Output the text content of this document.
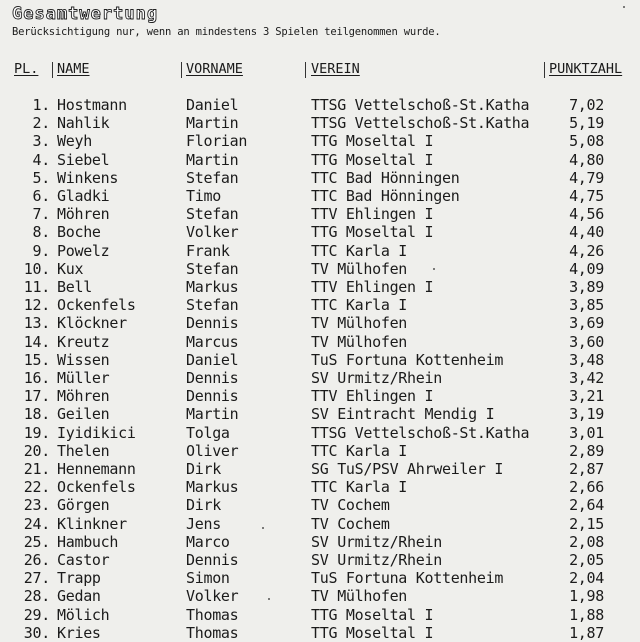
Gesamtwertung
Berücksichtigung nur, wenn an mindestens 3 Spielen teilgenommen wurde.
PL. NAME	VORNAME	VEREIN	PUNKTZAHL
1. Hostmann	Daniel	TTSG Vettelschoß-St.Katha	7,02
2. Nahlik	Martin	TTSG Vettelschoß-St.Katha	5,19
3. Weyh	Florian	TTG Moseltal I	5,08
4. Siebel	Martin	TTG Moseltal I	4,80
5. Winkens	Stefan	TTC Bad Hönningen	4,79
6. Gladki	Timo	TTC Bad Hönningen	4,75
7. Möhren	Stefan	TTV Ehlingen I	4,56
8. Boche	Volker	TTG Moseltal I	4,40
9. Powelz	Frank	TTC Karla I	4,26
10. Kux	Stefan	TV Mülhofen	4,09
11. Bell	Markus	TTV Ehlingen I	3,89
12. Ockenfels	Stefan	TTC Karla I	3,85
13. Klöckner	Dennis	TV Mülhofen	3,69
14. Kreutz	Marcus	TV Mülhofen	3,60
15. Wissen	Daniel	TuS Fortuna Kottenheim	3,48
16. Müller	Dennis	SV Urmitz/Rhein	3,42
17. Möhren	Dennis	TTV Ehlingen I	3,21
18. Geilen	Martin	SV Eintracht Mendig I	3,19
19. Iyidikici	Tolga	TTSG Vettelschoß-St.Katha	3,01
20. Thelen	Oliver	TTC Karla I	2,89
21. Hennemann	Dirk	SG TuS/PSV Ahrweiler I	2,87
22. Ockenfels	Markus	TTC Karla I	2,66
23. Görgen	Dirk	TV Cochem	2,64
24. Klinkner	Jens	TV Cochem	2,15
25. Hambuch	Marco	SV Urmitz/Rhein	2,08
26. Castor	Dennis	SV Urmitz/Rhein	2,05
27. Trapp	Simon	TuS Fortuna Kottenheim	2,04
28. Gedan	Volker	TV Mülhofen	1,98
29. Mölich	Thomas	TTG Moseltal I	1,88
30. Kries	Thomas	TTG Moseltal I	1,87
